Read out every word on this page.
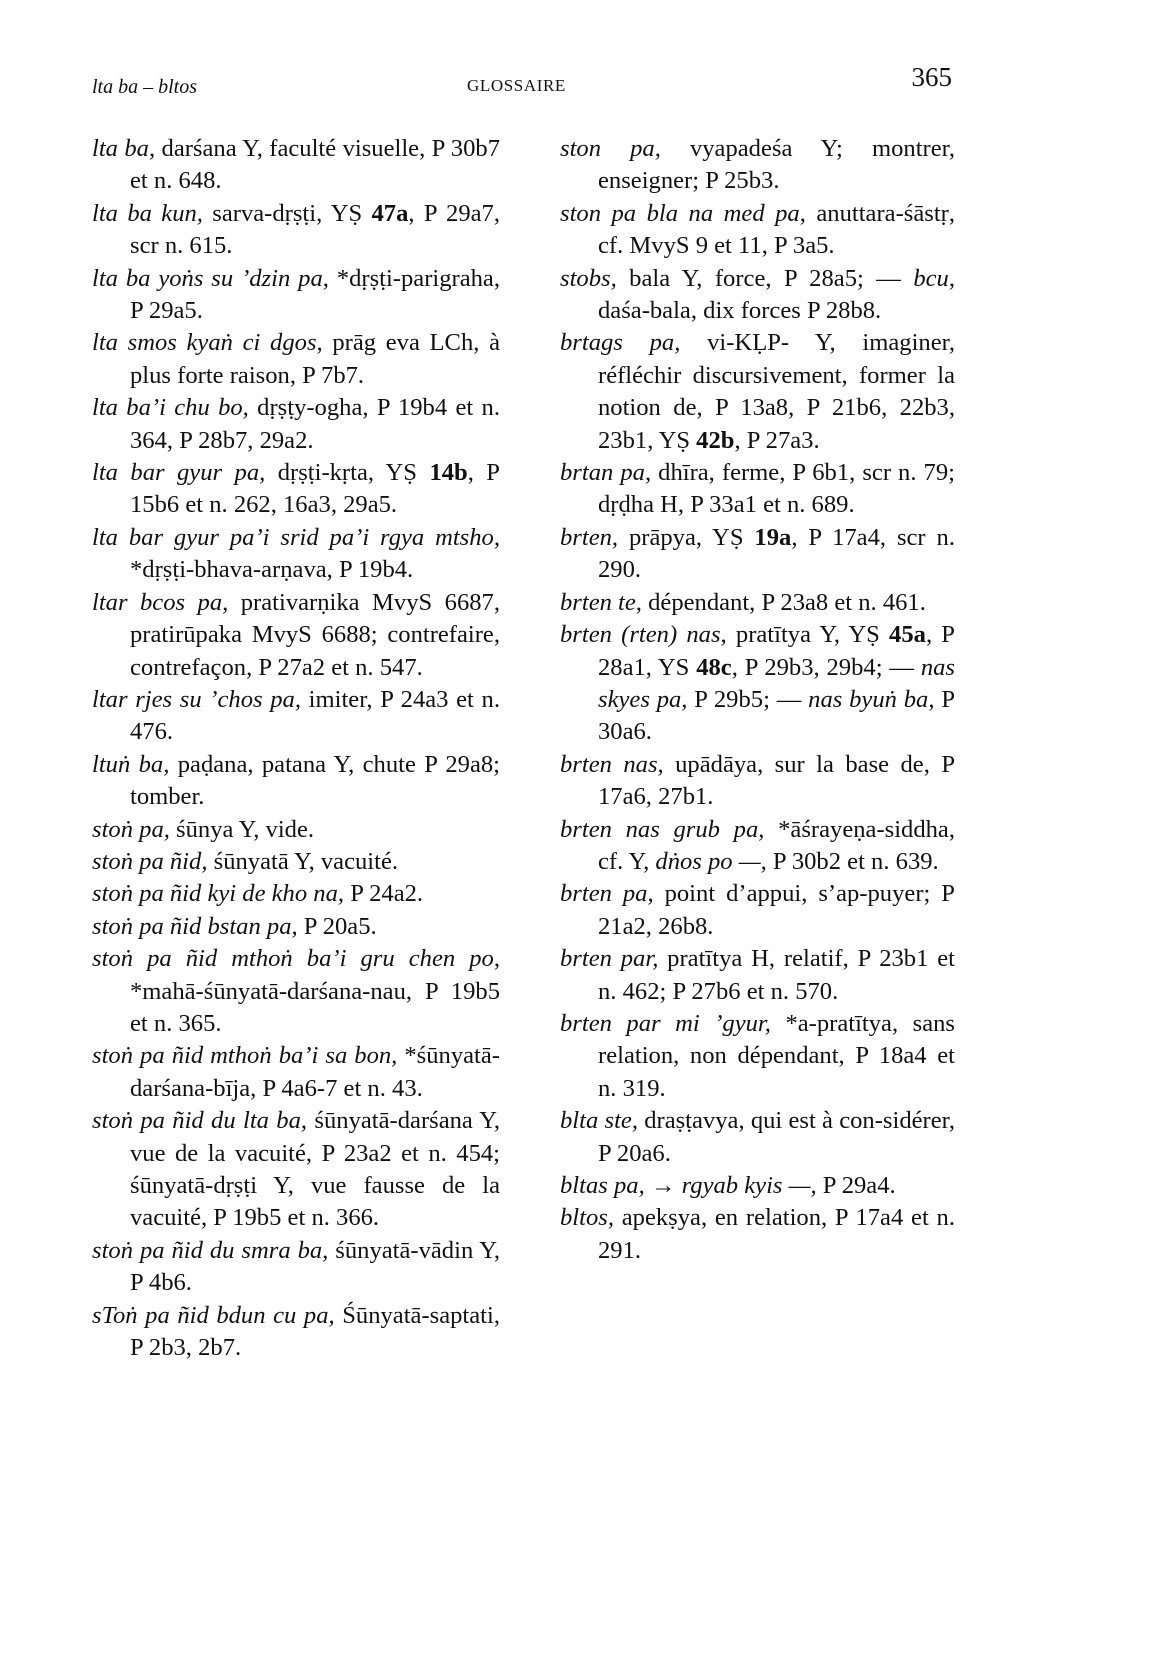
lta ba – bltos	GLOSSAIRE	365

lta ba, darśana Y, faculté visuelle, P 30b7 et n. 648.

lta ba kun, sarva-dṛṣṭi, YṢ 47a, P 29a7, scr n. 615.

lta ba yoṅs su ’dzin pa, *dṛṣṭi-parigraha, P 29a5.

lta smos kyaṅ ci dgos, prāg eva LCh, à plus forte raison, P 7b7.

lta ba’i chu bo, dṛṣṭy-ogha, P 19b4 et n. 364, P 28b7, 29a2.

lta bar gyur pa, dṛṣṭi-kṛta, YṢ 14b, P 15b6 et n. 262, 16a3, 29a5.

lta bar gyur pa’i srid pa’i rgya mtsho, *dṛṣṭi-bhava-arṇava, P 19b4.

ltar bcos pa, prativarṇika MvyS 6687, pratirūpaka MvyS 6688; contrefaire, contrefaçon, P 27a2 et n. 547.

ltar rjes su ’chos pa, imiter, P 24a3 et n. 476.

ltuṅ ba, paḍana, patana Y, chute P 29a8; tomber.

stoṅ pa, śūnya Y, vide.

stoṅ pa ñid, śūnyatā Y, vacuité.

stoṅ pa ñid kyi de kho na, P 24a2.

stoṅ pa ñid bstan pa, P 20a5.

stoṅ pa ñid mthoṅ ba’i gru chen po, *mahā-śūnyatā-darśana-nau, P 19b5 et n. 365.

stoṅ pa ñid mthoṅ ba’i sa bon, *śūnyatā-darśana-bīja, P 4a6-7 et n. 43.

stoṅ pa ñid du lta ba, śūnyatā-darśana Y, vue de la vacuité, P 23a2 et n. 454; śūnyatā-dṛṣṭi Y, vue fausse de la vacuité, P 19b5 et n. 366.

stoṅ pa ñid du smra ba, śūnyatā-vādin Y, P 4b6.

sToṅ pa ñid bdun cu pa, Śūnyatā-saptati, P 2b3, 2b7.

ston pa, vyapadeśa Y; montrer, enseigner; P 25b3.

ston pa bla na med pa, anuttara-śāstṛ, cf. MvyS 9 et 11, P 3a5.

stobs, bala Y, force, P 28a5; — bcu, daśa-bala, dix forces P 28b8.

brtags pa, vi-KḶP- Y, imaginer, réfléchir discursivement, former la notion de, P 13a8, P 21b6, 22b3, 23b1, YṢ 42b, P 27a3.

brtan pa, dhīra, ferme, P 6b1, scr n. 79; dṛḍha H, P 33a1 et n. 689.

brten, prāpya, YṢ 19a, P 17a4, scr n. 290.

brten te, dépendant, P 23a8 et n. 461.

brten (rten) nas, pratītya Y, YṢ 45a, P 28a1, YS 48c, P 29b3, 29b4; — nas skyes pa, P 29b5; — nas byuṅ ba, P 30a6.

brten nas, upādāya, sur la base de, P 17a6, 27b1.

brten nas grub pa, *āśrayeṇa-siddha, cf. Y, dṅos po —, P 30b2 et n. 639.

brten pa, point d’appui, s’ap-puyer; P 21a2, 26b8.

brten par, pratītya H, relatif, P 23b1 et n. 462; P 27b6 et n. 570.

brten par mi ’gyur, *a-pratītya, sans relation, non dépendant, P 18a4 et n. 319.

blta ste, draṣṭavya, qui est à con-sidérer, P 20a6.

bltas pa, → rgyab kyis —, P 29a4.

bltos, apekṣya, en relation, P 17a4 et n. 291.
